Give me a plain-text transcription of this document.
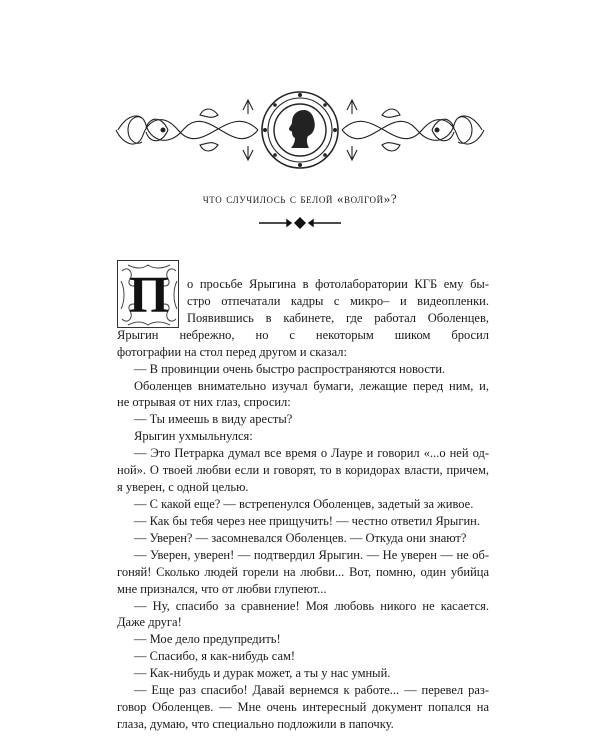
что случилось с белой «волгой»?
П	о просьбе Ярыгина в фотолаборатории КГБ ему бы-
стро отпечатали кадры с микро– и видеопленки.
Появившись в кабинете, где работал Оболенцев,
Ярыгин небрежно, но с некоторым шиком бросил
фотографии на стол перед другом и сказал:
— В провинции очень быстро распространяются новости.
Оболенцев внимательно изучал бумаги, лежащие перед ним, и,
не отрывая от них глаз, спросил:
— Ты имеешь в виду аресты?
Ярыгин ухмыльнулся:
— Это Петрарка думал все время о Лауре и говорил «...о ней од-
ной». О твоей любви если и говорят, то в коридорах власти, причем,
я уверен, с одной целью.
— С какой еще? — встрепенулся Оболенцев, задетый за живое.
— Как бы тебя через нее прищучить! — честно ответил Ярыгин.
— Уверен? — засомневался Оболенцев. — Откуда они знают?
— Уверен, уверен! — подтвердил Ярыгин. — Не уверен — не об-
гоняй! Сколько людей горели на любви... Вот, помню, один убийца
мне признался, что от любви глупеют...
— Ну, спасибо за сравнение! Моя любовь никого не касается.
Даже друга!
— Мое дело предупредить!
— Спасибо, я как-нибудь сам!
— Как-нибудь и дурак может, а ты у нас умный.
— Еще раз спасибо! Давай вернемся к работе... — перевел раз-
говор Оболенцев. — Мне очень интересный документ попался на
глаза, думаю, что специально подложили в папочку.
